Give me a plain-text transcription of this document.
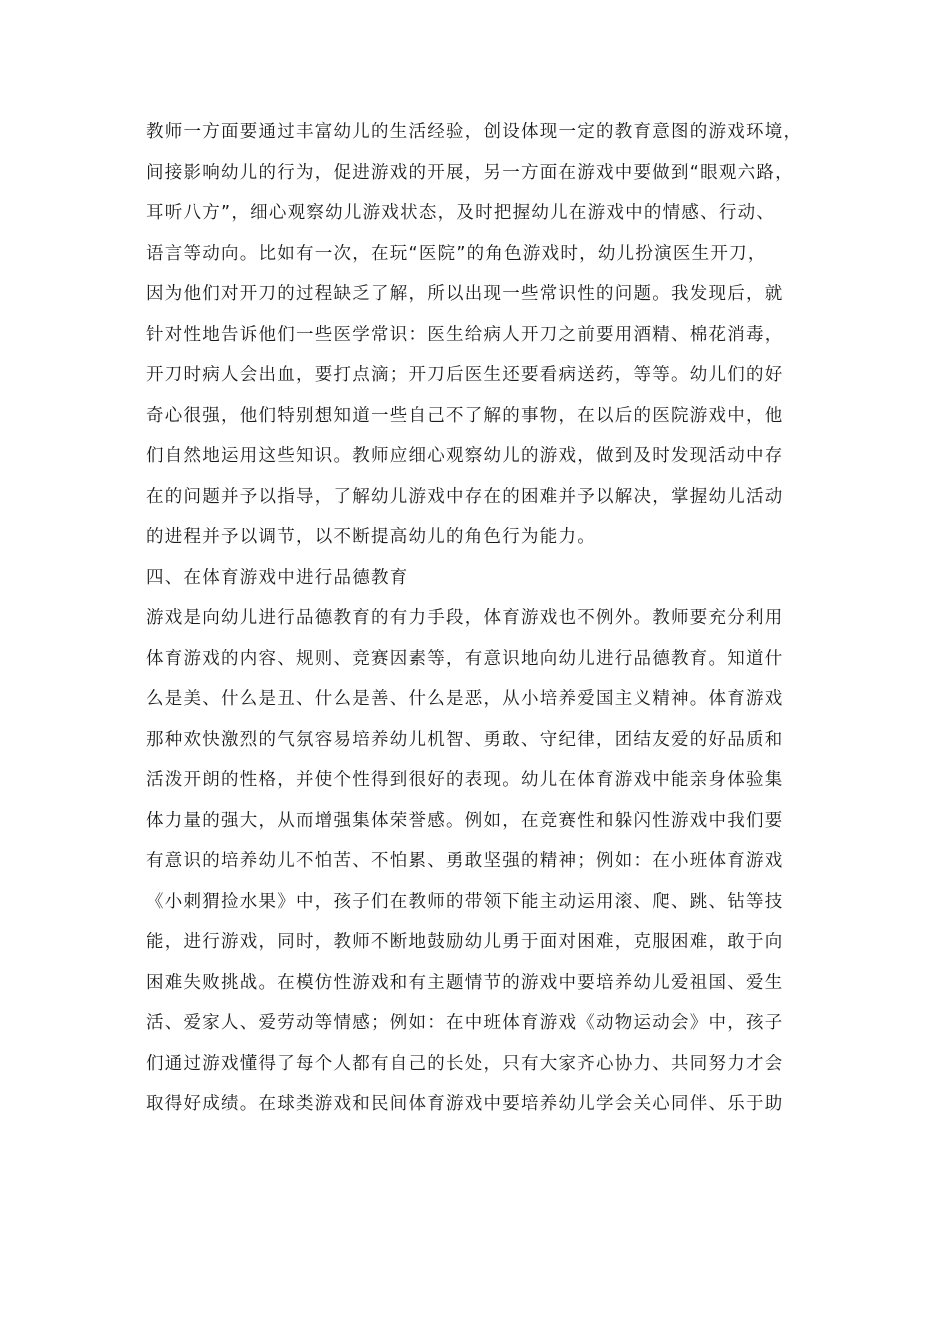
教师一方面要通过丰富幼儿的生活经验，创设体现一定的教育意图的游戏环境，
间接影响幼儿的行为，促进游戏的开展，另一方面在游戏中要做到“眼观六路，
耳听八方”，细心观察幼儿游戏状态，及时把握幼儿在游戏中的情感、行动、
语言等动向。比如有一次，在玩“医院”的角色游戏时，幼儿扮演医生开刀，
因为他们对开刀的过程缺乏了解，所以出现一些常识性的问题。我发现后，就
针对性地告诉他们一些医学常识：医生给病人开刀之前要用酒精、棉花消毒，
开刀时病人会出血，要打点滴；开刀后医生还要看病送药，等等。幼儿们的好
奇心很强，他们特别想知道一些自己不了解的事物，在以后的医院游戏中，他
们自然地运用这些知识。教师应细心观察幼儿的游戏，做到及时发现活动中存
在的问题并予以指导，了解幼儿游戏中存在的困难并予以解决，掌握幼儿活动
的进程并予以调节，以不断提高幼儿的角色行为能力。
四、在体育游戏中进行品德教育
游戏是向幼儿进行品德教育的有力手段，体育游戏也不例外。教师要充分利用
体育游戏的内容、规则、竞赛因素等，有意识地向幼儿进行品德教育。知道什
么是美、什么是丑、什么是善、什么是恶，从小培养爱国主义精神。体育游戏
那种欢快激烈的气氛容易培养幼儿机智、勇敢、守纪律，团结友爱的好品质和
活泼开朗的性格，并使个性得到很好的表现。幼儿在体育游戏中能亲身体验集
体力量的强大，从而增强集体荣誉感。例如，在竞赛性和躲闪性游戏中我们要
有意识的培养幼儿不怕苦、不怕累、勇敢坚强的精神；例如：在小班体育游戏
《小刺猬捡水果》中，孩子们在教师的带领下能主动运用滚、爬、跳、钻等技
能，进行游戏，同时，教师不断地鼓励幼儿勇于面对困难，克服困难，敢于向
困难失败挑战。在模仿性游戏和有主题情节的游戏中要培养幼儿爱祖国、爱生
活、爱家人、爱劳动等情感；例如：在中班体育游戏《动物运动会》中，孩子
们通过游戏懂得了每个人都有自己的长处，只有大家齐心协力、共同努力才会
取得好成绩。在球类游戏和民间体育游戏中要培养幼儿学会关心同伴、乐于助
